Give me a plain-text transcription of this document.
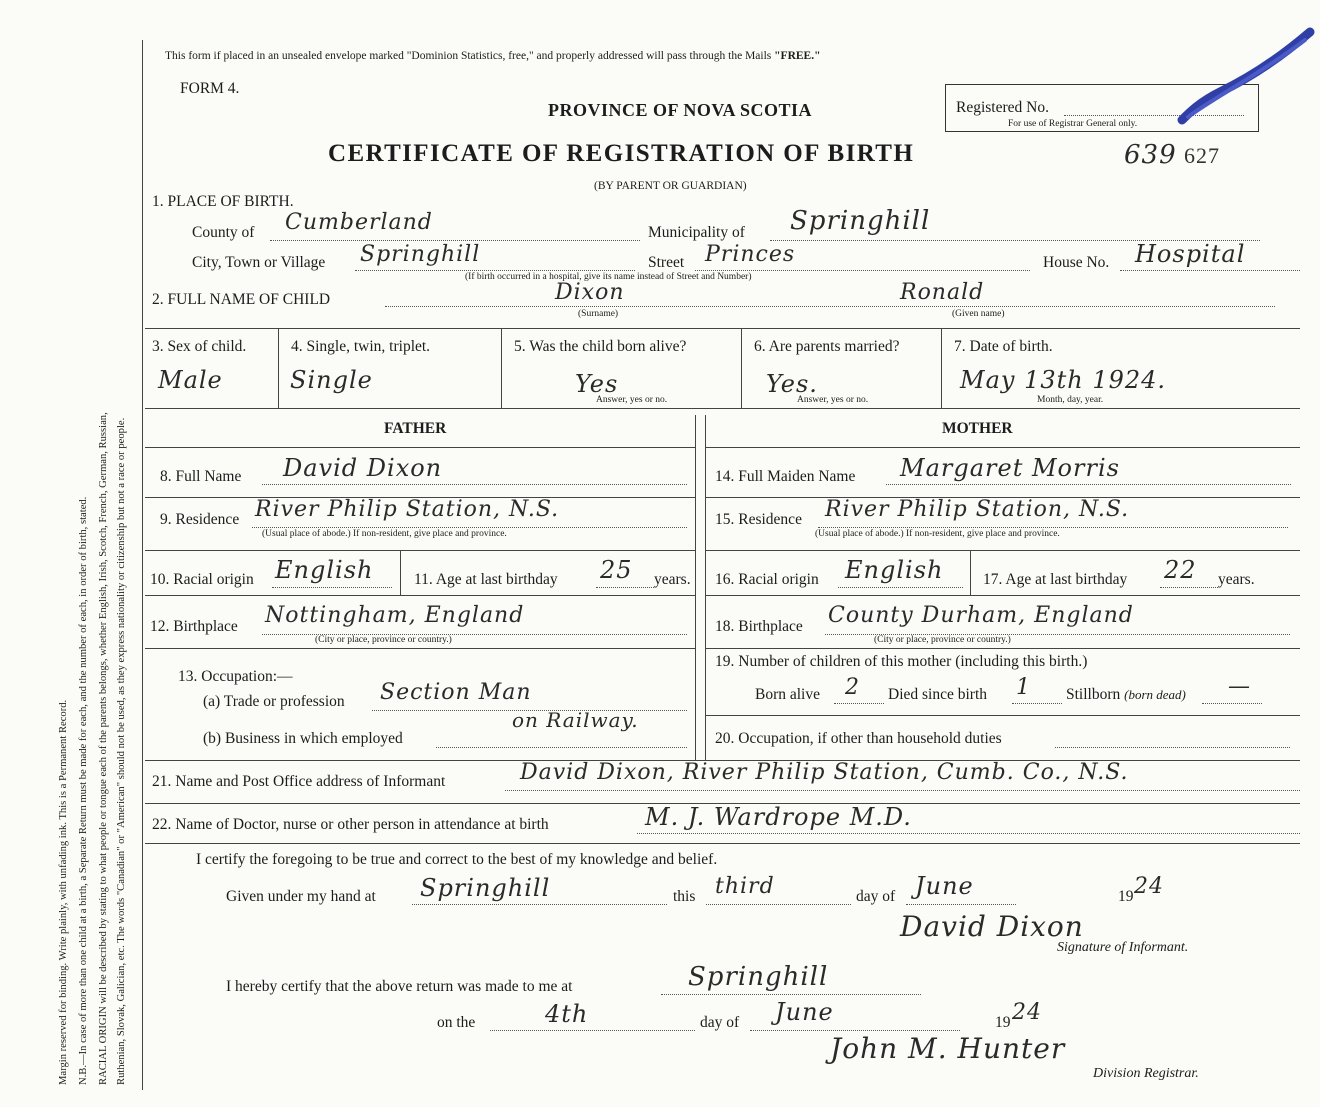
Margin reserved for binding. Write plainly, with unfading ink. This is a Permanent Record. N.B.—In case of more than one child at a birth, a Separate Return must be made for each, and the number of each, in order of birth, stated. RACIAL ORIGIN will be described by stating to what people or tongue each of the parents belongs, whether English, Irish, Scotch, French, German, Russian, Ruthenian, Slovak, Galician, etc. The words "Canadian" or "American" should not be used, as they express nationality or citizenship but not a race or people.
This form if placed in an unsealed envelope marked "Dominion Statistics, free," and properly addressed will pass through the Mails "FREE."
FORM 4.
PROVINCE OF NOVA SCOTIA	Registered No.
For use of Registrar General only.
CERTIFICATE OF REGISTRATION OF BIRTH	639 627
(BY PARENT OR GUARDIAN)
1. PLACE OF BIRTH.
County of Cumberland	Municipality of Springhill
City, Town or Village Springhill	Street Princes
(If birth occurred in a hospital, give its name instead of Street and Number)
House No. Hospital
2. FULL NAME OF CHILD	Dixon
(Surname)
Ronald
(Given name)
3. Sex of child.
Male
4. Single, twin, triplet.
Single
5. Was the child born alive?
Yes
Answer, yes or no.
6. Are parents married?
Yes.
Answer, yes or no.
7. Date of birth.
May 13th 1924.
Month, day, year.
FATHER	MOTHER
8. Full Name David Dixon
9. Residence River Philip Station, N.S.
(Usual place of abode.) If non-resident, give place and province.
10. Racial origin English	11. Age at last birthday 25 years.
12. Birthplace Nottingham, England
(City or place, province or country.)
13. Occupation:—
(a) Trade or profession Section Man
on Railway.
(b) Business in which employed
14. Full Maiden Name Margaret Morris
15. Residence River Philip Station, N.S.
(Usual place of abode.) If non-resident, give place and province.
16. Racial origin English	17. Age at last birthday 22 years.
18. Birthplace County Durham, England
(City or place, province or country.)
19. Number of children of this mother (including this birth.)
Born alive 2 Died since birth 1 Stillborn (born dead) —
20. Occupation, if other than household duties
21. Name and Post Office address of Informant	David Dixon, River Philip Station, Cumb. Co., N.S.
22. Name of Doctor, nurse or other person in attendance at birth	M. J. Wardrope M.D.
I certify the foregoing to be true and correct to the best of my knowledge and belief.
Given under my hand at Springhill	this third	day of June	19 24
David Dixon
Signature of Informant.
I hereby certify that the above return was made to me at	Springhill
on the	4th	day of June	19 24
John M. Hunter
Division Registrar.
